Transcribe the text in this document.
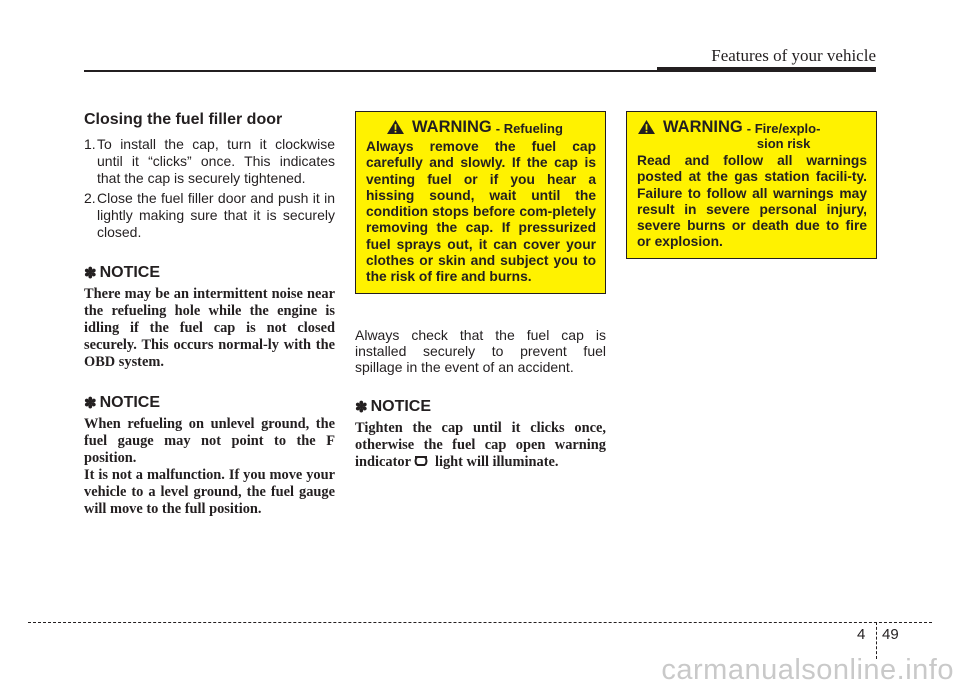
Features of your vehicle
Closing the fuel filler door

1.To install the cap, turn it clockwise until it “clicks” once. This indicates that the cap is securely tightened.

2.Close the fuel filler door and push it in lightly making sure that it is securely closed.

✽ NOTICE

There may be an intermittent noise near the refueling hole while the engine is idling if the fuel cap is not closed securely. This occurs normal-ly with the OBD system.

✽ NOTICE

When refueling on unlevel ground, the fuel gauge may not point to the F position.

It is not a malfunction. If you move your vehicle to a level ground, the fuel gauge will move to the full position.

WARNING - Refueling

Always remove the fuel cap carefully and slowly. If the cap is venting fuel or if you hear a hissing sound, wait until the condition stops before com-pletely removing the cap. If pressurized fuel sprays out, it can cover your clothes or skin and subject you to the risk of fire and burns.

Always check that the fuel cap is installed securely to prevent fuel spillage in the event of an accident.

✽ NOTICE

Tighten the cap until it clicks once, otherwise the fuel cap open warning indicator light will illuminate.

WARNING - Fire/explo-
sion risk

Read and follow all warnings posted at the gas station facili-ty. Failure to follow all warnings may result in severe personal injury, severe burns or death due to fire or explosion.

4 49
carmanualsonline.info
